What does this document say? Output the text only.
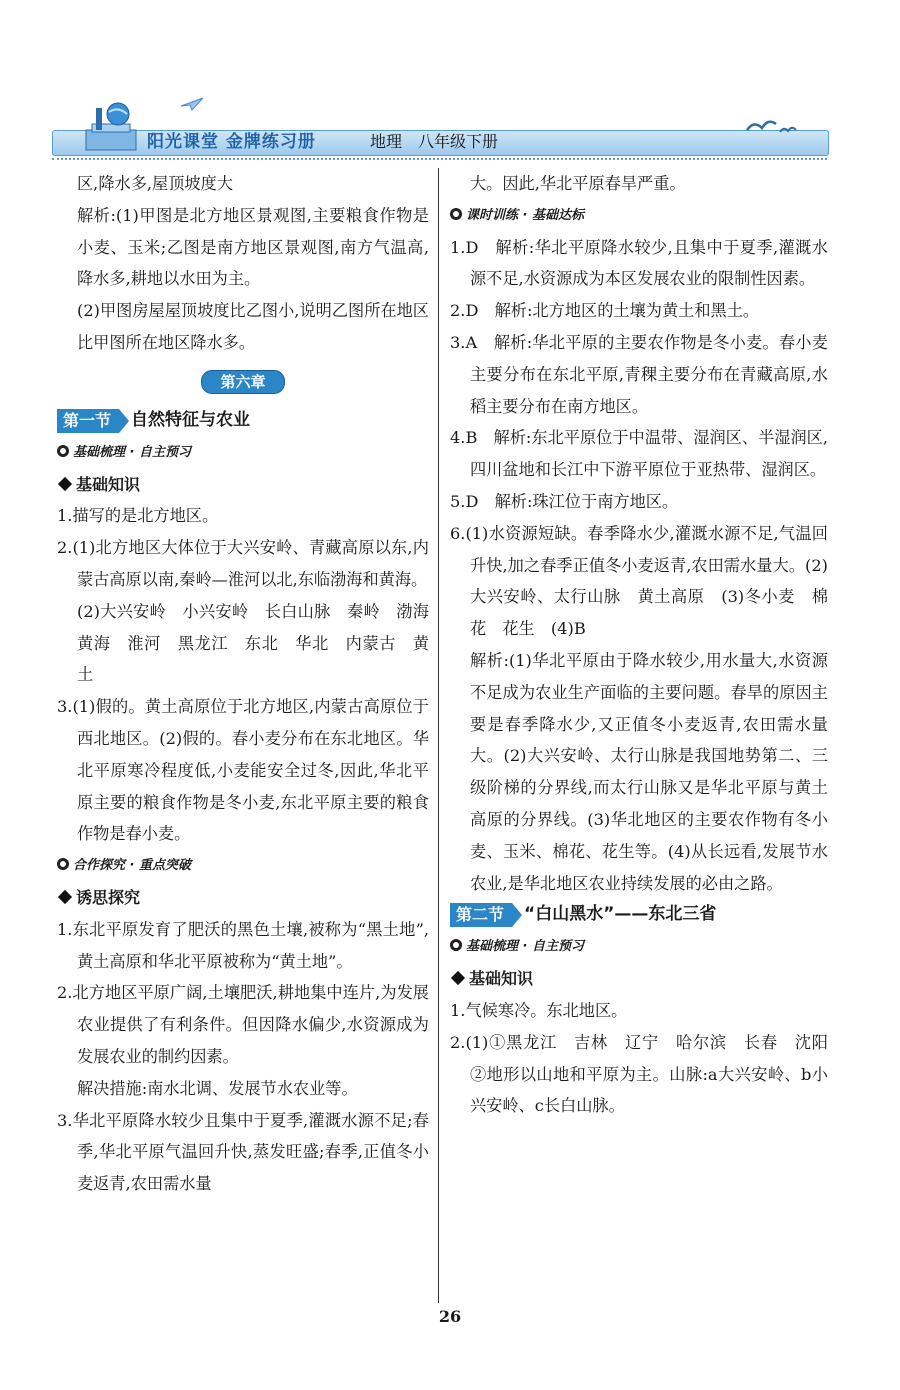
阳光课堂 金牌练习册	地理　八年级下册

区,降水多,屋顶坡度大

解析:(1)甲图是北方地区景观图,主要粮食作物是小麦、玉米;乙图是南方地区景观图,南方气温高,降水多,耕地以水田为主。

(2)甲图房屋屋顶坡度比乙图小,说明乙图所在地区比甲图所在地区降水多。

第六章
第一节	自然特征与农业
基础梳理 · 自主预习
基础知识

1.描写的是北方地区。

2.(1)北方地区大体位于大兴安岭、青藏高原以东,内蒙古高原以南,秦岭—淮河以北,东临渤海和黄海。

(2)大兴安岭　小兴安岭　长白山脉　秦岭　渤海　黄海　淮河　黑龙江　东北　华北　内蒙古　黄土

3.(1)假的。黄土高原位于北方地区,内蒙古高原位于西北地区。(2)假的。春小麦分布在东北地区。华北平原寒冷程度低,小麦能安全过冬,因此,华北平原主要的粮食作物是冬小麦,东北平原主要的粮食作物是春小麦。

合作探究 · 重点突破
诱思探究

1.东北平原发育了肥沃的黑色土壤,被称为“黑土地”,黄土高原和华北平原被称为“黄土地”。

2.北方地区平原广阔,土壤肥沃,耕地集中连片,为发展农业提供了有利条件。但因降水偏少,水资源成为发展农业的制约因素。

解决措施:南水北调、发展节水农业等。

3.华北平原降水较少且集中于夏季,灌溉水源不足;春季,华北平原气温回升快,蒸发旺盛;春季,正值冬小麦返青,农田需水量

大。因此,华北平原春旱严重。

课时训练 · 基础达标

1.D　解析:华北平原降水较少,且集中于夏季,灌溉水源不足,水资源成为本区发展农业的限制性因素。

2.D　解析:北方地区的土壤为黄土和黑土。

3.A　解析:华北平原的主要农作物是冬小麦。春小麦主要分布在东北平原,青稞主要分布在青藏高原,水稻主要分布在南方地区。

4.B　解析:东北平原位于中温带、湿润区、半湿润区,四川盆地和长江中下游平原位于亚热带、湿润区。

5.D　解析:珠江位于南方地区。

6.(1)水资源短缺。春季降水少,灌溉水源不足,气温回升快,加之春季正值冬小麦返青,农田需水量大。(2)大兴安岭、太行山脉　黄土高原　(3)冬小麦　棉花　花生　(4)B

解析:(1)华北平原由于降水较少,用水量大,水资源不足成为农业生产面临的主要问题。春旱的原因主要是春季降水少,又正值冬小麦返青,农田需水量大。(2)大兴安岭、太行山脉是我国地势第二、三级阶梯的分界线,而太行山脉又是华北平原与黄土高原的分界线。(3)华北地区的主要农作物有冬小麦、玉米、棉花、花生等。(4)从长远看,发展节水农业,是华北地区农业持续发展的必由之路。

第二节	“白山黑水”——东北三省
基础梳理 · 自主预习
基础知识

1.气候寒冷。东北地区。

2.(1)①黑龙江　吉林　辽宁　哈尔滨　长春　沈阳　②地形以山地和平原为主。山脉:a大兴安岭、b小兴安岭、c长白山脉。

26
